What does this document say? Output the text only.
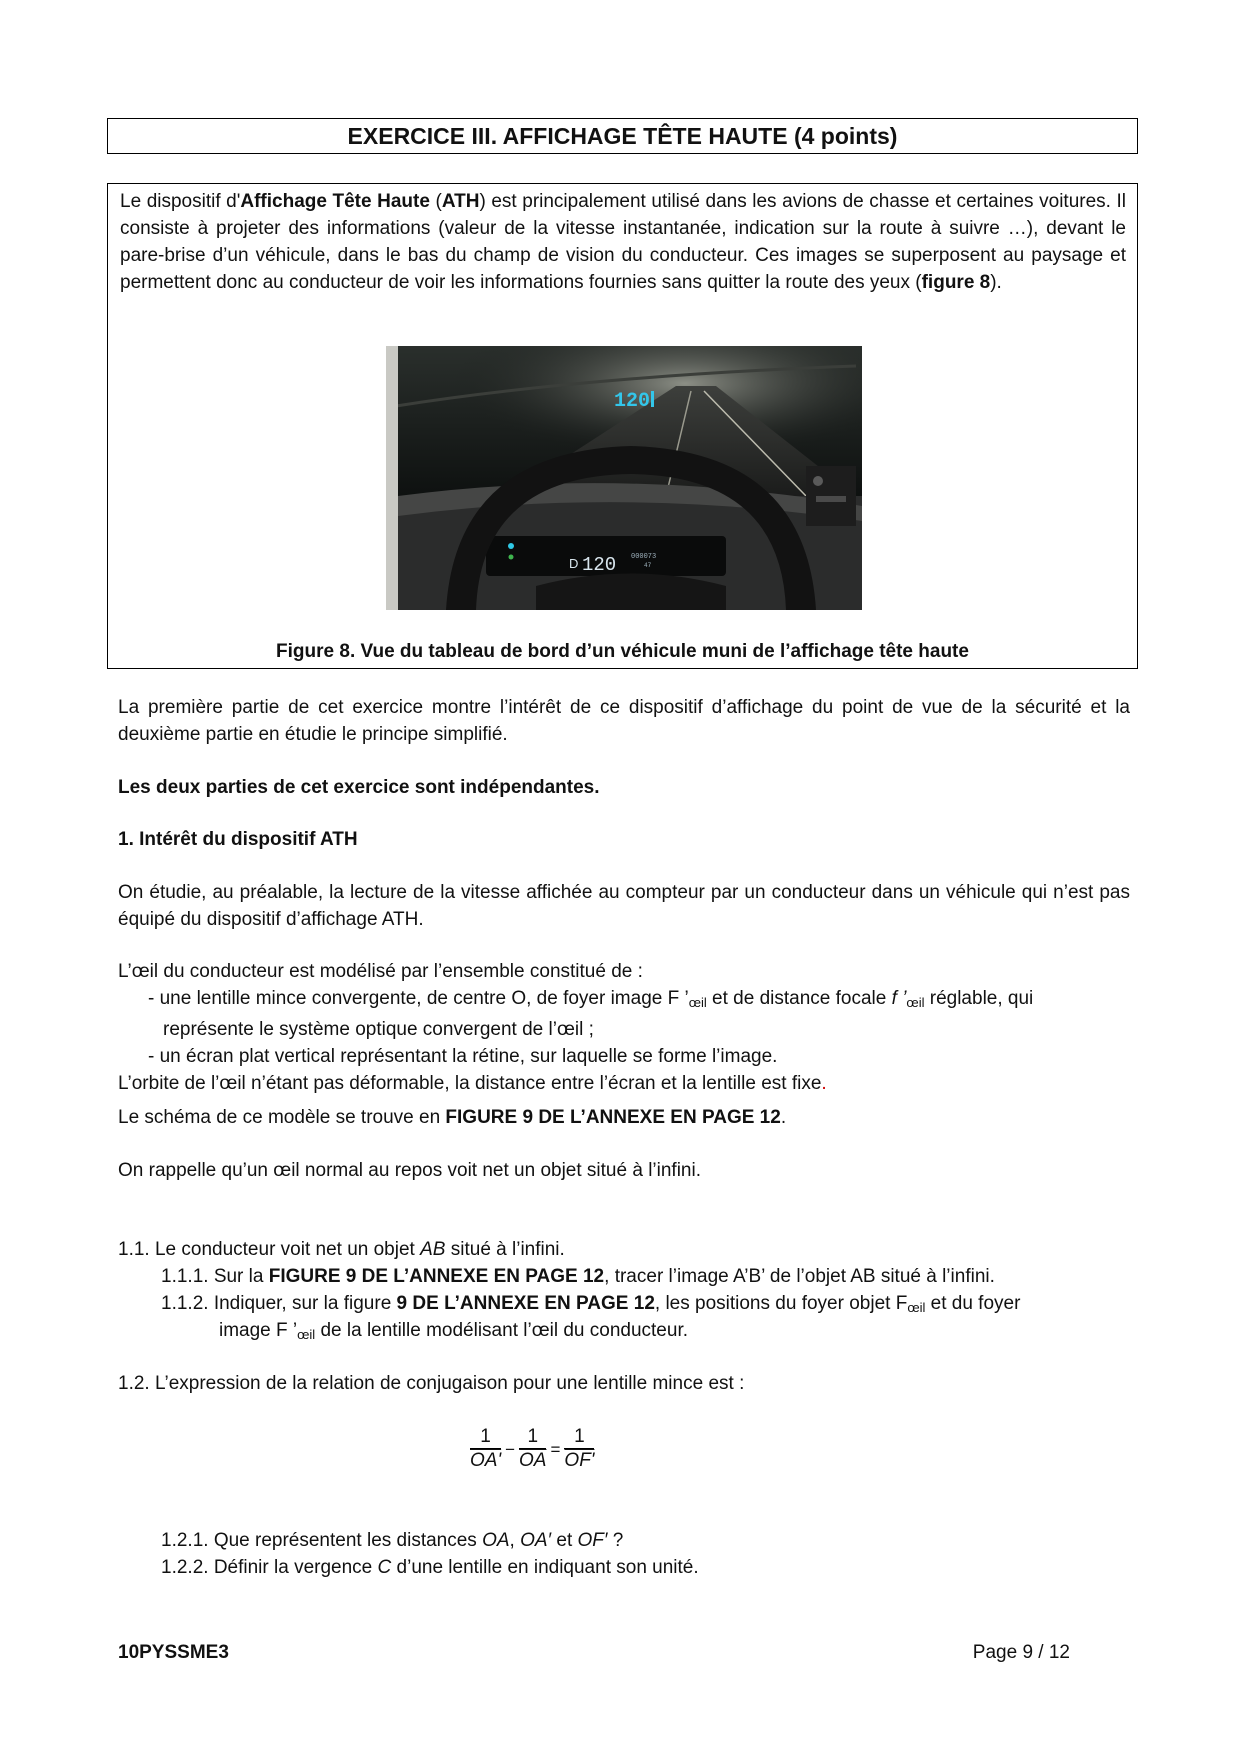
EXERCICE III. AFFICHAGE TÊTE HAUTE (4 points)
Le dispositif d'Affichage Tête Haute (ATH) est principalement utilisé dans les avions de chasse et certaines voitures. Il consiste à projeter des informations (valeur de la vitesse instantanée, indication sur la route à suivre …), devant le pare-brise d’un véhicule, dans le bas du champ de vision du conducteur. Ces images se superposent au paysage et permettent donc au conducteur de voir les informations fournies sans quitter la route des yeux (figure 8).
D 120 000073
47
120
Figure 8. Vue du tableau de bord d’un véhicule muni de l’affichage tête haute
La première partie de cet exercice montre l’intérêt de ce dispositif d’affichage du point de vue de la sécurité et la deuxième partie en étudie le principe simplifié.
Les deux parties de cet exercice sont indépendantes.
1. Intérêt du dispositif ATH
On étudie, au préalable, la lecture de la vitesse affichée au compteur par un conducteur dans un véhicule qui n’est pas équipé du dispositif d’affichage ATH.
L’œil du conducteur est modélisé par l’ensemble constitué de :
- une lentille mince convergente, de centre O, de foyer image F $’_{œil}$ et de distance focale f $’_{œil}$ réglable, qui
représente le système optique convergent de l’œil ;
- un écran plat vertical représentant la rétine, sur laquelle se forme l’image.
L’orbite de l’œil n’étant pas déformable, la distance entre l’écran et la lentille est fixe.
Le schéma de ce modèle se trouve en FIGURE 9 DE L’ANNEXE EN PAGE 12.
On rappelle qu’un œil normal au repos voit net un objet situé à l’infini.
1.1. Le conducteur voit net un objet AB situé à l’infini.
1.1.1. Sur la FIGURE 9 DE L’ANNEXE EN PAGE 12, tracer l’image A’B’ de l’objet AB situé à l’infini.
1.1.2. Indiquer, sur la figure 9 DE L’ANNEXE EN PAGE 12, les positions du foyer objet $F_{œil}$ et du foyer
image F $’_{œil}$ de la lentille modélisant l’œil du conducteur.
1.2. L’expression de la relation de conjugaison pour une lentille mince est :
$\frac{1}{OA'} - \frac{1}{OA} = \frac{1}{OF'}$
1.2.1. Que représentent les distances OA, OA′ et OF′ ?
1.2.2. Définir la vergence C d’une lentille en indiquant son unité.
10PYSSME3	Page 9 / 12
